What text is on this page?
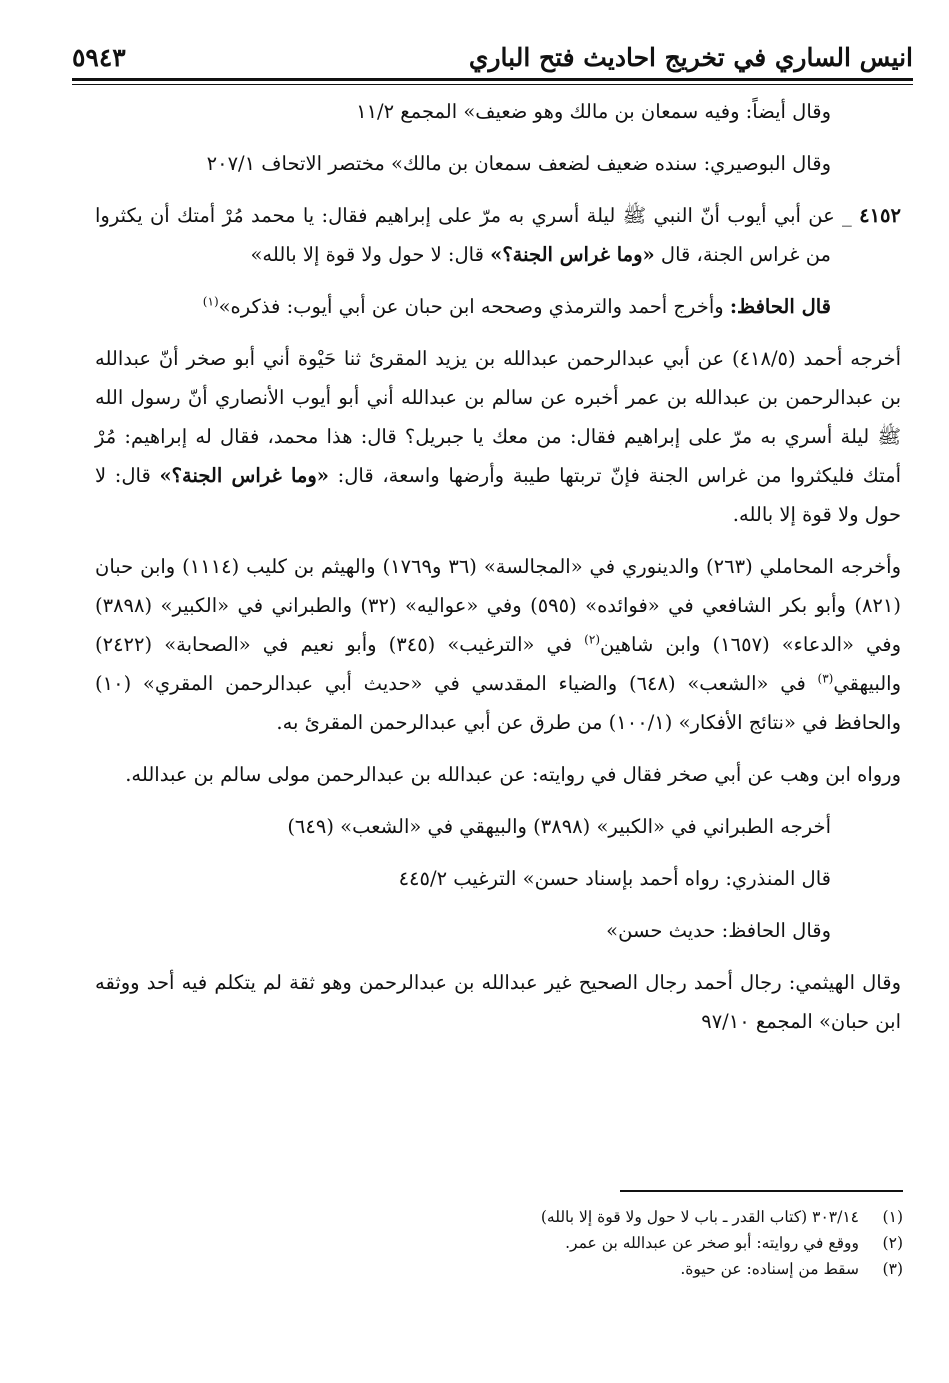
انيس الساري في تخريج احاديث فتح الباري
٥٩٤٣

وقال أيضاً: وفيه سمعان بن مالك وهو ضعيف» المجمع ١١/٢

وقال البوصيري: سنده ضعيف لضعف سمعان بن مالك» مختصر الاتحاف ٢٠٧/١

٤١٥٢ _ عن أبي أيوب أنّ النبي ﷺ ليلة أسري به مرّ على إبراهيم فقال: يا محمد مُرْ أمتك أن يكثروا من غراس الجنة، قال «وما غراس الجنة؟» قال: لا حول ولا قوة إلا بالله»

قال الحافظ: وأخرج أحمد والترمذي وصححه ابن حبان عن أبي أيوب: فذكره»$^{(١)}$

أخرجه أحمد (٤١٨/٥) عن أبي عبدالرحمن عبدالله بن يزيد المقرئ ثنا حَيْوة أني أبو صخر أنّ عبدالله بن عبدالرحمن بن عبدالله بن عمر أخبره عن سالم بن عبدالله أني أبو أيوب الأنصاري أنّ رسول الله ﷺ ليلة أسري به مرّ على إبراهيم فقال: من معك يا جبريل؟ قال: هذا محمد، فقال له إبراهيم: مُرْ أمتك فليكثروا من غراس الجنة فإنّ تربتها طيبة وأرضها واسعة، قال: «وما غراس الجنة؟» قال: لا حول ولا قوة إلا بالله.

وأخرجه المحاملي (٢٦٣) والدينوري في «المجالسة» (٣٦ و١٧٦٩) والهيثم بن كليب (١١١٤) وابن حبان (٨٢١) وأبو بكر الشافعي في «فوائده» (٥٩٥) وفي «عواليه» (٣٢) والطبراني في «الكبير» (٣٨٩٨) وفي «الدعاء» (١٦٥٧) وابن شاهين$^{(٢)}$ في «الترغيب» (٣٤٥) وأبو نعيم في «الصحابة» (٢٤٢٢) والبيهقي$^{(٣)}$ في «الشعب» (٦٤٨) والضياء المقدسي في «حديث أبي عبدالرحمن المقري» (١٠) والحافظ في «نتائج الأفكار» (١٠٠/١) من طرق عن أبي عبدالرحمن المقرئ به.

ورواه ابن وهب عن أبي صخر فقال في روايته: عن عبدالله بن عبدالرحمن مولى سالم بن عبدالله.

أخرجه الطبراني في «الكبير» (٣٨٩٨) والبيهقي في «الشعب» (٦٤٩)

قال المنذري: رواه أحمد بإسناد حسن» الترغيب ٤٤٥/٢

وقال الحافظ: حديث حسن»

وقال الهيثمي: رجال أحمد رجال الصحيح غير عبدالله بن عبدالرحمن وهو ثقة لم يتكلم فيه أحد ووثقه ابن حبان» المجمع ٩٧/١٠

(١)
٣٠٣/١٤ (كتاب القدر ـ باب لا حول ولا قوة إلا بالله)
(٢)
ووقع في روايته: أبو صخر عن عبدالله بن عمر.
(٣)
سقط من إسناده: عن حيوة.
